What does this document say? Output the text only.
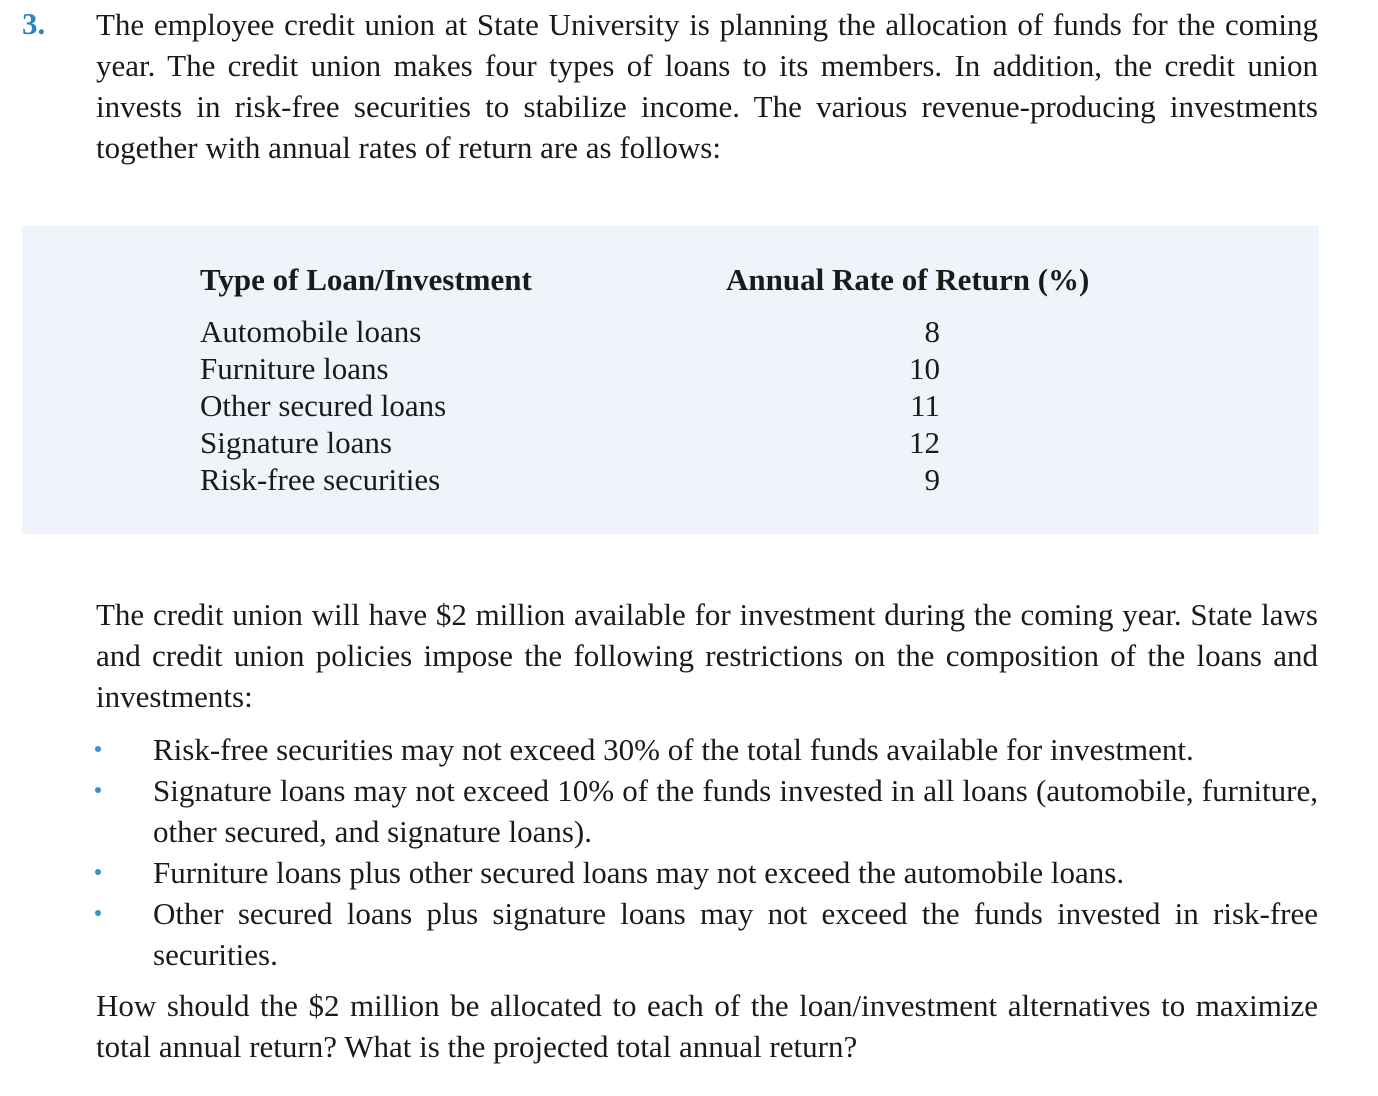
3. The employee credit union at State University is planning the allocation of funds for the coming year. The credit union makes four types of loans to its members. In addition, the credit union invests in risk-free securities to stabilize income. The various revenue-producing investments together with annual rates of return are as follows:

Type of Loan/Investment	Annual Rate of Return (%)
Automobile loans	8
Furniture loans	10
Other secured loans	11
Signature loans	12
Risk-free securities	9

The credit union will have $2 million available for investment during the coming year. State laws and credit union policies impose the following restrictions on the composition of the loans and investments:

Risk-free securities may not exceed 30% of the total funds available for investment.

Signature loans may not exceed 10% of the funds invested in all loans (automobile, furniture, other secured, and signature loans).

Furniture loans plus other secured loans may not exceed the automobile loans.

Other secured loans plus signature loans may not exceed the funds invested in risk-free securities.

How should the $2 million be allocated to each of the loan/investment alternatives to maximize total annual return? What is the projected total annual return?
